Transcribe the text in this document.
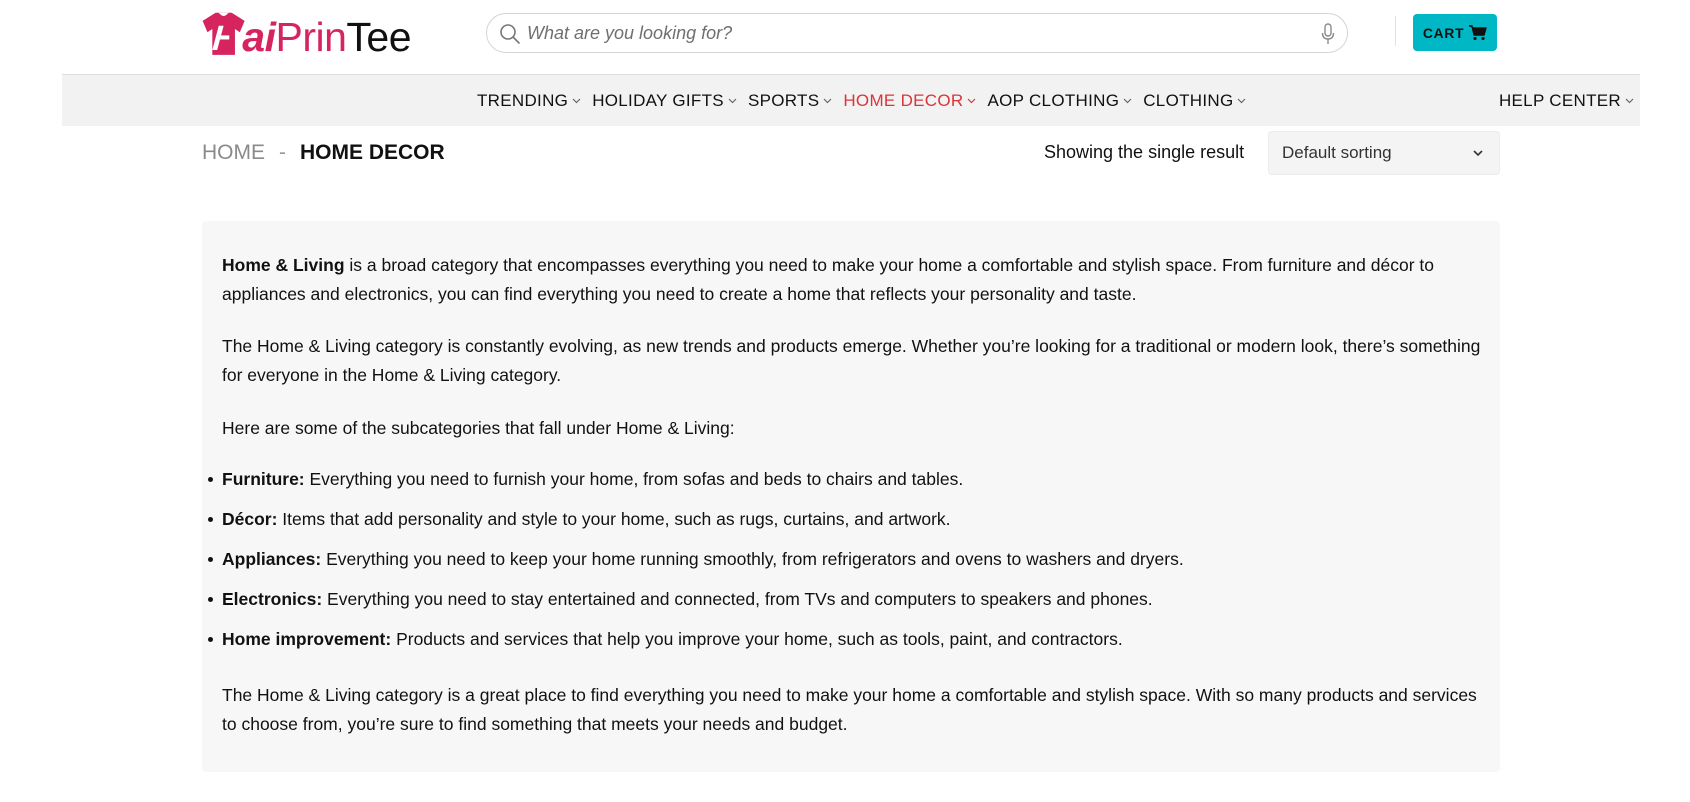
aiPrinTee
What are you looking for?	CART
TRENDING HOLIDAY GIFTS SPORTS HOME DECOR AOP CLOTHING CLOTHING	HELP CENTER
HOME - HOME DECOR	Showing the single result Default sorting

Home & Living is a broad category that encompasses everything you need to make your home a comfortable and stylish space. From furniture and décor to appliances and electronics, you can find everything you need to create a home that reflects your personality and taste.

The Home & Living category is constantly evolving, as new trends and products emerge. Whether you’re looking for a traditional or modern look, there’s something for everyone in the Home & Living category.

Here are some of the subcategories that fall under Home & Living:

Furniture: Everything you need to furnish your home, from sofas and beds to chairs and tables.
Décor: Items that add personality and style to your home, such as rugs, curtains, and artwork.
Appliances: Everything you need to keep your home running smoothly, from refrigerators and ovens to washers and dryers.
Electronics: Everything you need to stay entertained and connected, from TVs and computers to speakers and phones.
Home improvement: Products and services that help you improve your home, such as tools, paint, and contractors.

The Home & Living category is a great place to find everything you need to make your home a comfortable and stylish space. With so many products and services to choose from, you’re sure to find something that meets your needs and budget.
